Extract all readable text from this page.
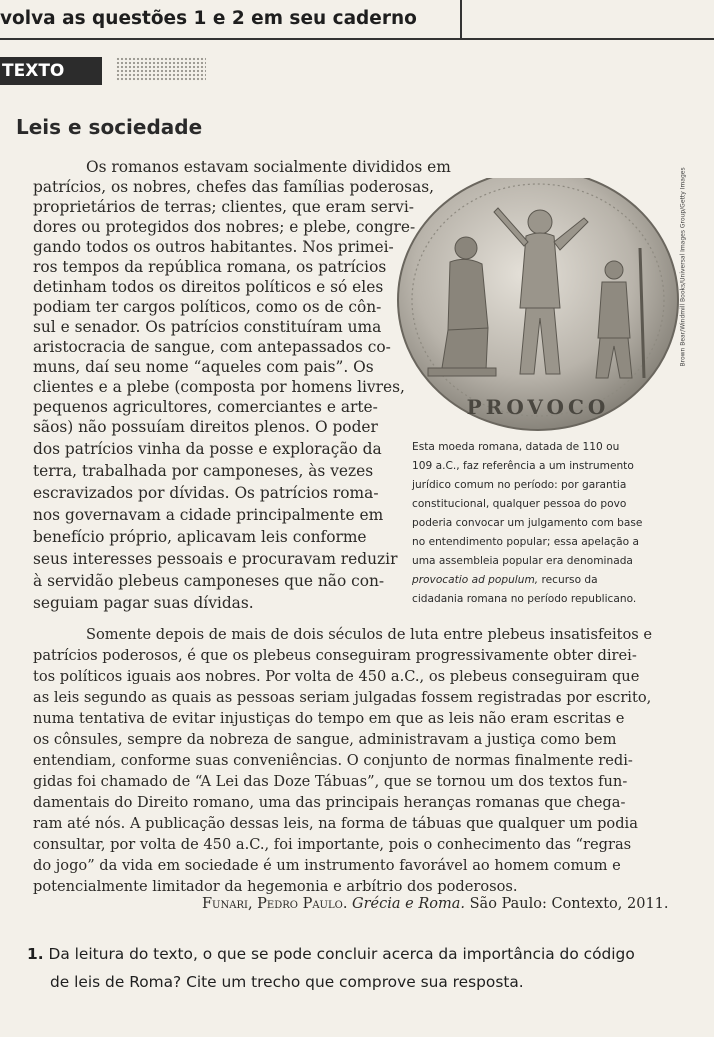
volva as questões 1 e 2 em seu caderno
TEXTO
Leis e sociedade
Os romanos estavam socialmente divididos em
patrícios, os nobres, chefes das famílias poderosas,
proprietários de terras; clientes, que eram servi-
dores ou protegidos dos nobres; e plebe, congre-
gando todos os outros habitantes. Nos primei-
ros tempos da república romana, os patrícios
detinham todos os direitos políticos e só eles
podiam ter cargos políticos, como os de côn-
sul e senador. Os patrícios constituíram uma
aristocracia de sangue, com antepassados co-
muns, daí seu nome “aqueles com pais”. Os
clientes e a plebe (composta por homens livres,
pequenos agricultores, comerciantes e arte-
sãos) não possuíam direitos plenos. O poder
dos patrícios vinha da posse e exploração da
terra, trabalhada por camponeses, às vezes
escravizados por dívidas. Os patrícios roma-
nos governavam a cidade principalmente em
benefício próprio, aplicavam leis conforme
seus interesses pessoais e procuravam reduzir
à servidão plebeus camponeses que não con-
seguiam pagar suas dívidas.
PROVOCO
Brown Bear/Windmill Books/Universal Images Group/Getty Images
Esta moeda romana, datada de 110 ou
109 a.C., faz referência a um instrumento
jurídico comum no período: por garantia
constitucional, qualquer pessoa do povo
poderia convocar um julgamento com base
no entendimento popular; essa apelação a
uma assembleia popular era denominada
provocatio ad populum, recurso da
cidadania romana no período republicano.
Somente depois de mais de dois séculos de luta entre plebeus insatisfeitos e
patrícios poderosos, é que os plebeus conseguiram progressivamente obter direi-
tos políticos iguais aos nobres. Por volta de 450 a.C., os plebeus conseguiram que
as leis segundo as quais as pessoas seriam julgadas fossem registradas por escrito,
numa tentativa de evitar injustiças do tempo em que as leis não eram escritas e
os cônsules, sempre da nobreza de sangue, administravam a justiça como bem
entendiam, conforme suas conveniências. O conjunto de normas finalmente redi-
gidas foi chamado de “A Lei das Doze Tábuas”, que se tornou um dos textos fun-
damentais do Direito romano, uma das principais heranças romanas que chega-
ram até nós. A publicação dessas leis, na forma de tábuas que qualquer um podia
consultar, por volta de 450 a.C., foi importante, pois o conhecimento das “regras
do jogo” da vida em sociedade é um instrumento favorável ao homem comum e
potencialmente limitador da hegemonia e arbítrio dos poderosos.
Funari, Pedro Paulo. Grécia e Roma. São Paulo: Contexto, 2011.
1. Da leitura do texto, o que se pode concluir acerca da importância do código
de leis de Roma? Cite um trecho que comprove sua resposta.
